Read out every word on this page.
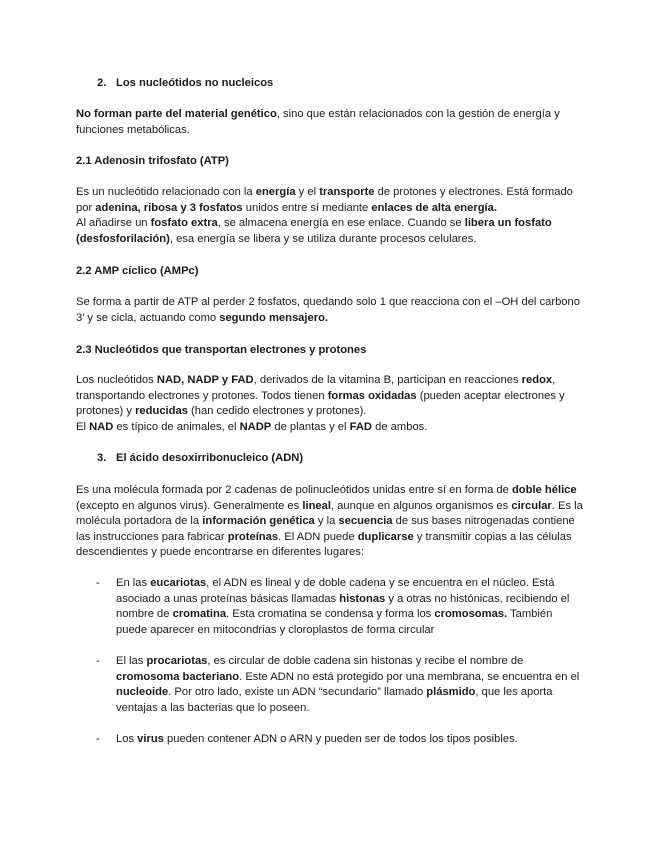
2. Los nucleótidos no nucleicos

No forman parte del material genético, sino que están relacionados con la gestión de energía y funciones metabólicas.

2.1 Adenosin trifosfato (ATP)

Es un nucleótido relacionado con la energía y el transporte de protones y electrones. Está formado por adenina, ribosa y 3 fosfatos unidos entre sí mediante enlaces de alta energía.
Al añadirse un fosfato extra, se almacena energía en ese enlace. Cuando se libera un fosfato (desfosforilación), esa energía se libera y se utiliza durante procesos celulares.

2.2 AMP cíclico (AMPc)

Se forma a partir de ATP al perder 2 fosfatos, quedando solo 1 que reacciona con el –OH del carbono 3’ y se cicla, actuando como segundo mensajero.

2.3 Nucleótidos que transportan electrones y protones

Los nucleótidos NAD, NADP y FAD, derivados de la vitamina B, participan en reacciones redox, transportando electrones y protones. Todos tienen formas oxidadas (pueden aceptar electrones y protones) y reducidas (han cedido electrones y protones).
El NAD es típico de animales, el NADP de plantas y el FAD de ambos.

3. El ácido desoxirribonucleico (ADN)

Es una molécula formada por 2 cadenas de polinucleótidos unidas entre sí en forma de doble hélice (excepto en algunos virus). Generalmente es lineal, aunque en algunos organismos es circular. Es la molécula portadora de la información genética y la secuencia de sus bases nitrogenadas contiene las instrucciones para fabricar proteínas. El ADN puede duplicarse y transmitir copias a las células descendientes y puede encontrarse en diferentes lugares:

- En las eucariotas, el ADN es lineal y de doble cadena y se encuentra en el núcleo. Está asociado a unas proteínas básicas llamadas histonas y a otras no histónicas, recibiendo el nombre de cromatina. Esta cromatina se condensa y forma los cromosomas. También puede aparecer en mitocondrias y cloroplastos de forma circular
- El las procariotas, es circular de doble cadena sin histonas y recibe el nombre de cromosoma bacteriano. Este ADN no está protegido por una membrana, se encuentra en el nucleoide. Por otro lado, existe un ADN “secundario” llamado plásmido, que les aporta ventajas a las bacterias que lo poseen.
- Los virus pueden contener ADN o ARN y pueden ser de todos los tipos posibles.
